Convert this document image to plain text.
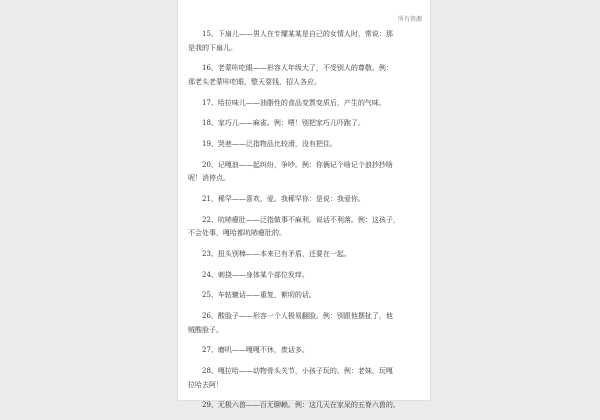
所有资源
15、下扇儿——男人在专耀某某是自己的女情人时，常说：那
是我的下扇儿。
16、老蒙咔吃眼——形容人年级大了，不受别人的尊敬。例：
那老头老蒙咔吃眼，整天耍钱，招人各应。
17、哈拉味儿——油脂性的食品变質变质后，产生的气味。
18、家巧儿——麻雀。例：喂！别把家巧儿吓跑了。
19、哭巷——泛指物品比较滑，没有把住。
20、记嘎浪——起纠纷，争吵。例：你俩记个啥记个浪抄抄啥
呢！消停点。
21、稀罕——喜欢，爱。我稀罕你：是说：我爱你。
22、吭哧瘪肚——泛指做事不麻利。说话不利落。例：这孩子，
不会处事，嘎哈都吭哧瘪肚的。
23、扭头别棒——本来已有矛盾，还要在一起。
24、刺挠——身体某个部位发痒。
25、车轱辘话——重复，絮叨的话。
26、酸脸子——形容一个人极易翻脸。例：别跟他摆扯了，他
贼酸脸子。
27、磨叽——嘎嘎不休，废话多。
28、嘎拉哈——动物骨头关节，小孩子玩的。例：老妹，玩嘎
拉哈去阿！
29、无极六兽——百无聊赖。例：这几天在家呆的五脊六兽的。
